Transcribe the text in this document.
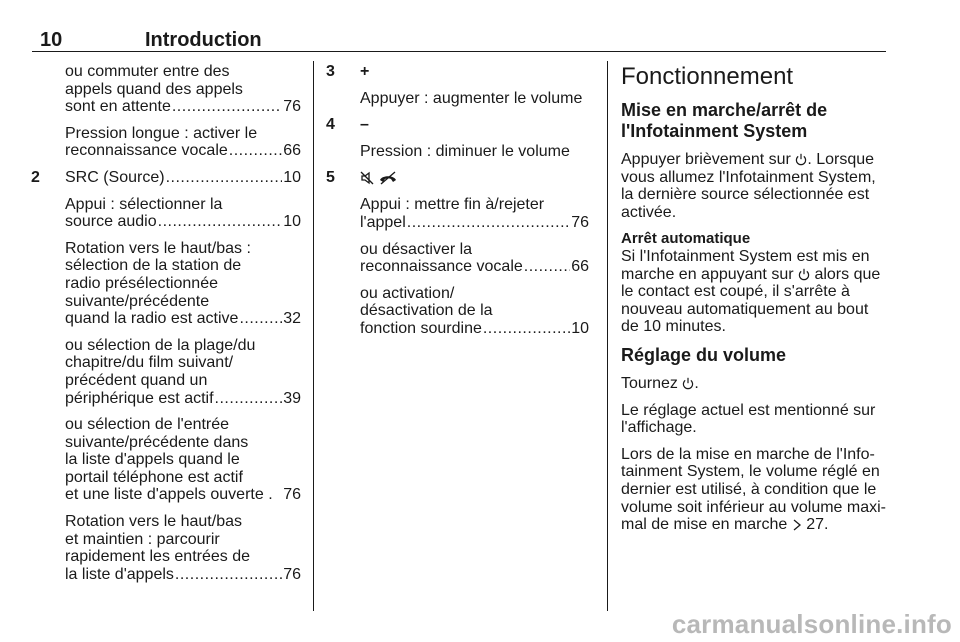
10	Introduction
ou commuter entre des
appels quand des appels
sont en attente .....	76
Pression longue : activer le
reconnaissance vocale .....	66
2 SRC (Source) .....	10
Appui : sélectionner la
source audio .....	10
Rotation vers le haut/bas :
sélection de la station de
radio présélectionnée
suivante/précédente
quand la radio est active .....	32
ou sélection de la plage/du
chapitre/du film suivant/
précédent quand un
périphérique est actif .....	39
ou sélection de l'entrée
suivante/précédente dans
la liste d'appels quand le
portail téléphone est actif
et une liste d'appels ouverte . 76
Rotation vers le haut/bas
et maintien : parcourir
rapidement les entrées de
la liste d'appels .....	76
3 +
Appuyer : augmenter le volume
4 –
Pression : diminuer le volume
5

Appui : mettre fin à/rejeter
l'appel .....	76
ou désactiver la
reconnaissance vocale .....	66
ou activation/
désactivation de la
fonction sourdine .....	10
Fonctionnement
Mise en marche/arrêt de
l'Infotainment System
Appuyer brièvement sur . Lorsque
vous allumez l'Infotainment System,
la dernière source sélectionnée est
activée.
Arrêt automatique
Si l'Infotainment System est mis en
marche en appuyant sur alors que
le contact est coupé, il s'arrête à
nouveau automatiquement au bout
de 10 minutes.
Réglage du volume
Tournez .
Le réglage actuel est mentionné sur
l'affichage.
Lors de la mise en marche de l'Info-
tainment System, le volume réglé en
dernier est utilisé, à condition que le
volume soit inférieur au volume maxi-
mal de mise en marche 27.
carmanualsonline.info
